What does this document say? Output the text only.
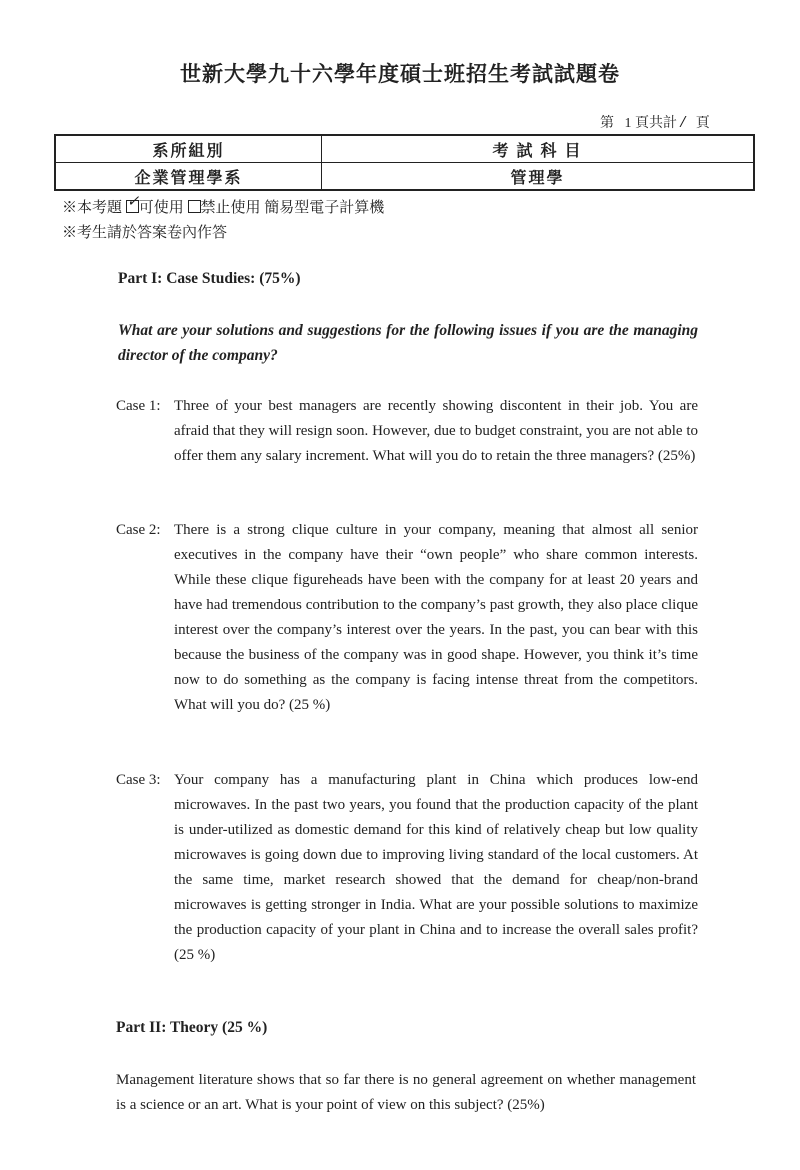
世新大學九十六學年度碩士班招生考試試題卷
第 1 頁共計 / 頁
系所組別	考 試 科 目
企業管理學系	管理學
※本考題 ✓ 可使用 禁止使用 簡易型電子計算機
※考生請於答案卷內作答
Part I: Case Studies: (75%)
What are your solutions and suggestions for the following issues if you are the managing director of the company?
Case 1: Three of your best managers are recently showing discontent in their job. You are afraid that they will resign soon. However, due to budget constraint, you are not able to offer them any salary increment. What will you do to retain the three managers? (25%)
Case 2: There is a strong clique culture in your company, meaning that almost all senior executives in the company have their “own people” who share common interests. While these clique figureheads have been with the company for at least 20 years and have had tremendous contribution to the company’s past growth, they also place clique interest over the company’s interest over the years. In the past, you can bear with this because the business of the company was in good shape. However, you think it’s time now to do something as the company is facing intense threat from the competitors. What will you do? (25 %)
Case 3: Your company has a manufacturing plant in China which produces low-end microwaves. In the past two years, you found that the production capacity of the plant is under-utilized as domestic demand for this kind of relatively cheap but low quality microwaves is going down due to improving living standard of the local customers. At the same time, market research showed that the demand for cheap/non-brand microwaves is getting stronger in India. What are your possible solutions to maximize the production capacity of your plant in China and to increase the overall sales profit? (25 %)
Part II: Theory (25 %)
Management literature shows that so far there is no general agreement on whether management is a science or an art. What is your point of view on this subject? (25%)
